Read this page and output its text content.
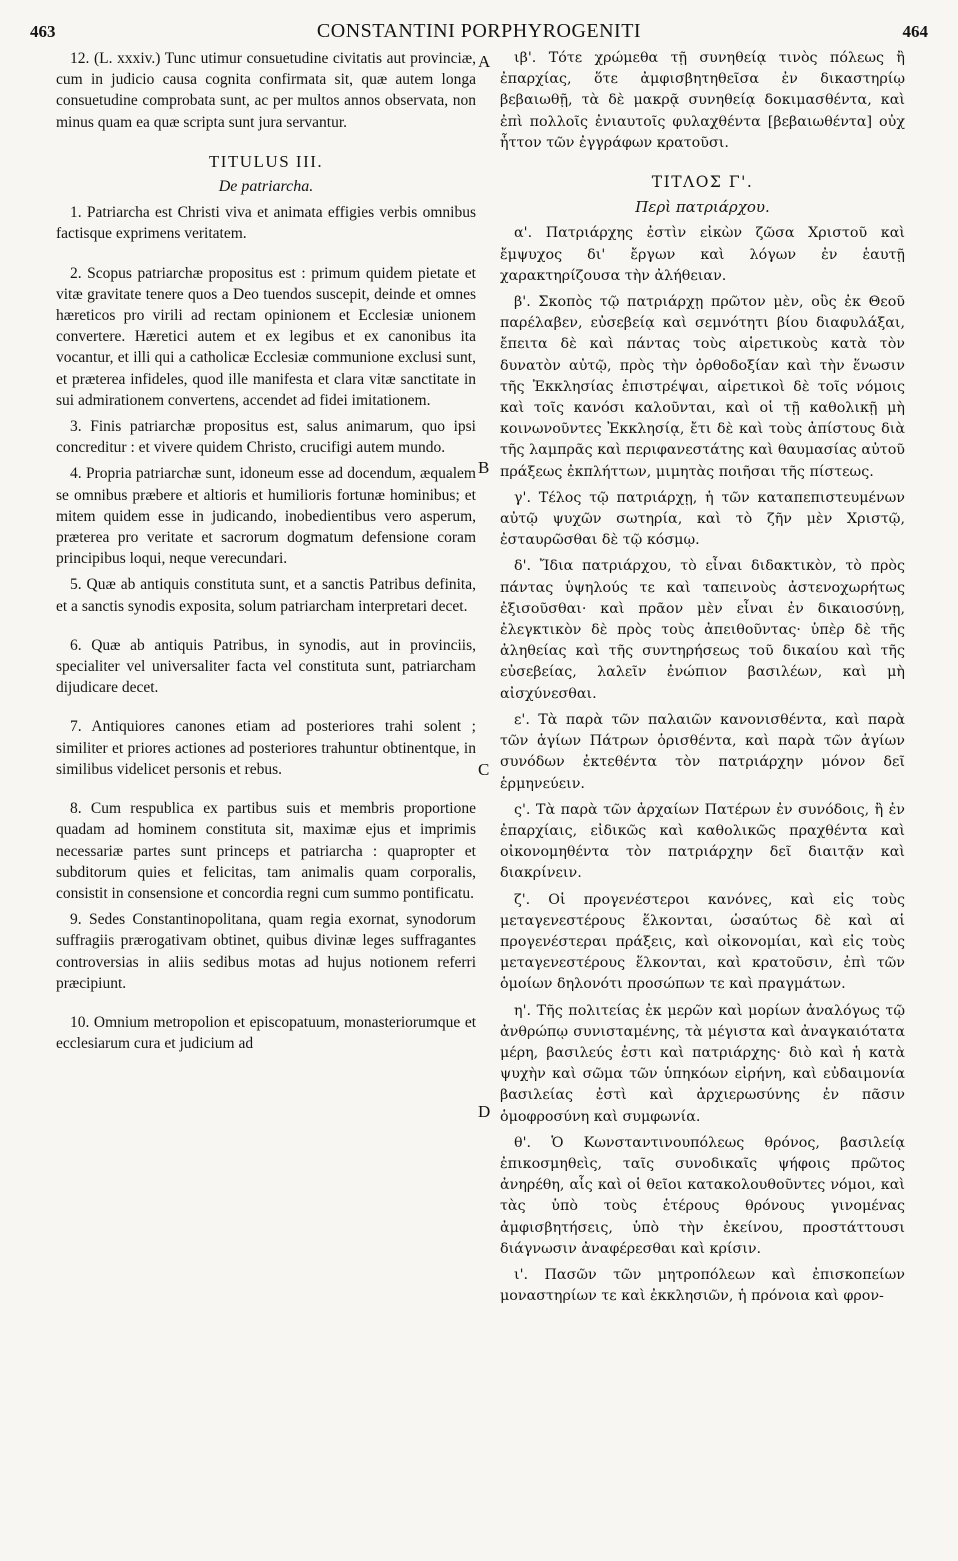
463	CONSTANTINI PORPHYROGENITI	464

12. (L. xxxiv.) Tunc utimur consuetudine civitatis aut provinciæ, cum in judicio causa cognita confirmata sit, quæ autem longa consuetudine comprobata sunt, ac per multos annos observata, non minus quam ea quæ scripta sunt jura servantur.

TITULUS III.

De patriarcha.

1. Patriarcha est Christi viva et animata effigies verbis omnibus factisque exprimens veritatem.

2. Scopus patriarchæ propositus est : primum quidem pietate et vitæ gravitate tenere quos a Deo tuendos suscepit, deinde et omnes hæreticos pro virili ad rectam opinionem et Ecclesiæ unionem convertere. Hæretici autem et ex legibus et ex canonibus ita vocantur, et illi qui a catholicæ Ecclesiæ communione exclusi sunt, et præterea infideles, quod ille manifesta et clara vitæ sanctitate in sui admirationem convertens, accendet ad fidei imitationem.

3. Finis patriarchæ propositus est, salus animarum, quo ipsi concreditur : et vivere quidem Christo, crucifigi autem mundo.

4. Propria patriarchæ sunt, idoneum esse ad docendum, æqualem se omnibus præbere et altioris et humilioris fortunæ hominibus; et mitem quidem esse in judicando, inobedientibus vero asperum, præterea pro veritate et sacrorum dogmatum defensione coram principibus loqui, neque verecundari.

5. Quæ ab antiquis constituta sunt, et a sanctis Patribus definita, et a sanctis synodis exposita, solum patriarcham interpretari decet.

6. Quæ ab antiquis Patribus, in synodis, aut in provinciis, specialiter vel universaliter facta vel constituta sunt, patriarcham dijudicare decet.

7. Antiquiores canones etiam ad posteriores trahi solent ; similiter et priores actiones ad posteriores trahuntur obtinentque, in similibus videlicet personis et rebus.

8. Cum respublica ex partibus suis et membris proportione quadam ad hominem constituta sit, maximæ ejus et imprimis necessariæ partes sunt princeps et patriarcha : quapropter et subditorum quies et felicitas, tam animalis quam corporalis, consistit in consensione et concordia regni cum summo pontificatu.

9. Sedes Constantinopolitana, quam regia exornat, synodorum suffragiis prærogativam obtinet, quibus divinæ leges suffragantes controversias in aliis sedibus motas ad hujus notionem referri præcipiunt.

10. Omnium metropolion et episcopatuum, monasteriorumque et ecclesiarum cura et judicium ad

A
B
C
D

ιβ'. Τότε χρώμεθα τῇ συνηθείᾳ τινὸς πόλεως ἢ ἐπαρχίας, ὅτε ἀμφισβητηθεῖσα ἐν δικαστηρίῳ βεβαιωθῇ, τὰ δὲ μακρᾷ συνηθείᾳ δοκιμασθέντα, καὶ ἐπὶ πολλοῖς ἐνιαυτοῖς φυλαχθέντα [βεβαιωθέντα] οὐχ ἧττον τῶν ἐγγράφων κρατοῦσι.

ΤΙΤΛΟΣ Γ'.

Περὶ πατριάρχου.

α'. Πατριάρχης ἐστὶν εἰκὼν ζῶσα Χριστοῦ καὶ ἔμψυχος δι' ἔργων καὶ λόγων ἐν ἑαυτῇ χαρακτηρίζουσα τὴν ἀλήθειαν.

β'. Σκοπὸς τῷ πατριάρχῃ πρῶτον μὲν, οὓς ἐκ Θεοῦ παρέλαβεν, εὐσεβείᾳ καὶ σεμνότητι βίου διαφυλάξαι, ἔπειτα δὲ καὶ πάντας τοὺς αἱρετικοὺς κατὰ τὸν δυνατὸν αὐτῷ, πρὸς τὴν ὀρθοδοξίαν καὶ τὴν ἕνωσιν τῆς Ἐκκλησίας ἐπιστρέψαι, αἱρετικοὶ δὲ τοῖς νόμοις καὶ τοῖς κανόσι καλοῦνται, καὶ οἱ τῇ καθολικῇ μὴ κοινωνοῦντες Ἐκκλησίᾳ, ἔτι δὲ καὶ τοὺς ἀπίστους διὰ τῆς λαμπρᾶς καὶ περιφανεστάτης καὶ θαυμασίας αὐτοῦ πράξεως ἐκπλήττων, μιμητὰς ποιῆσαι τῆς πίστεως.

γ'. Τέλος τῷ πατριάρχῃ, ἡ τῶν καταπεπιστευμένων αὐτῷ ψυχῶν σωτηρία, καὶ τὸ ζῆν μὲν Χριστῷ, ἐσταυρῶσθαι δὲ τῷ κόσμῳ.

δ'. Ἴδια πατριάρχου, τὸ εἶναι διδακτικὸν, τὸ πρὸς πάντας ὑψηλούς τε καὶ ταπεινοὺς ἀστενοχωρήτως ἐξισοῦσθαι· καὶ πρᾶον μὲν εἶναι ἐν δικαιοσύνῃ, ἐλεγκτικὸν δὲ πρὸς τοὺς ἀπειθοῦντας· ὑπὲρ δὲ τῆς ἀληθείας καὶ τῆς συντηρήσεως τοῦ δικαίου καὶ τῆς εὐσεβείας, λαλεῖν ἐνώπιον βασιλέων, καὶ μὴ αἰσχύνεσθαι.

ε'. Τὰ παρὰ τῶν παλαιῶν κανονισθέντα, καὶ παρὰ τῶν ἁγίων Πάτρων ὁρισθέντα, καὶ παρὰ τῶν ἁγίων συνόδων ἐκτεθέντα τὸν πατριάρχην μόνον δεῖ ἑρμηνεύειν.

ς'. Τὰ παρὰ τῶν ἀρχαίων Πατέρων ἐν συνόδοις, ἢ ἐν ἐπαρχίαις, εἰδικῶς καὶ καθολικῶς πραχθέντα καὶ οἰκονομηθέντα τὸν πατριάρχην δεῖ διαιτᾷν καὶ διακρίνειν.

ζ'. Οἱ προγενέστεροι κανόνες, καὶ εἰς τοὺς μεταγενεστέρους ἕλκονται, ὡσαύτως δὲ καὶ αἱ προγενέστεραι πράξεις, καὶ οἰκονομίαι, καὶ εἰς τοὺς μεταγενεστέρους ἕλκονται, καὶ κρατοῦσιν, ἐπὶ τῶν ὁμοίων δηλονότι προσώπων τε καὶ πραγμάτων.

η'. Τῆς πολιτείας ἐκ μερῶν καὶ μορίων ἀναλόγως τῷ ἀνθρώπῳ συνισταμένης, τὰ μέγιστα καὶ ἀναγκαιότατα μέρη, βασιλεύς ἐστι καὶ πατριάρχης· διὸ καὶ ἡ κατὰ ψυχὴν καὶ σῶμα τῶν ὑπηκόων εἰρήνη, καὶ εὐδαιμονία βασιλείας ἐστὶ καὶ ἀρχιερωσύνης ἐν πᾶσιν ὁμοφροσύνη καὶ συμφωνία.

θ'. Ὁ Κωνσταντινουπόλεως θρόνος, βασιλείᾳ ἐπικοσμηθεὶς, ταῖς συνοδικαῖς ψήφοις πρῶτος ἀνηρέθη, αἷς καὶ οἱ θεῖοι κατακολουθοῦντες νόμοι, καὶ τὰς ὑπὸ τοὺς ἑτέρους θρόνους γινομένας ἀμφισβητήσεις, ὑπὸ τὴν ἐκείνου, προστάττουσι διάγνωσιν ἀναφέρεσθαι καὶ κρίσιν.

ι'. Πασῶν τῶν μητροπόλεων καὶ ἐπισκοπείων μοναστηρίων τε καὶ ἐκκλησιῶν, ἡ πρόνοια καὶ φρον-
